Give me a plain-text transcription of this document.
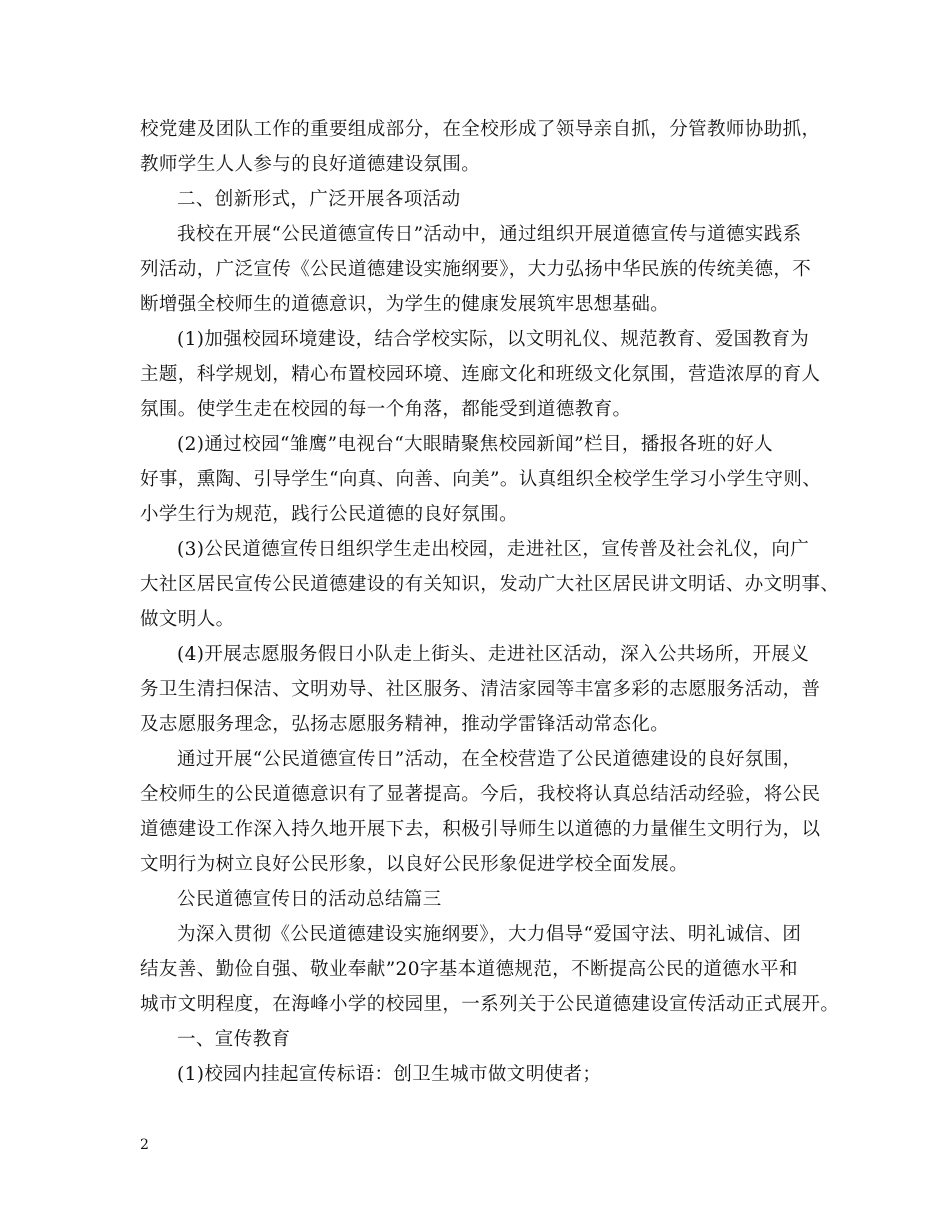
校党建及团队工作的重要组成部分，在全校形成了领导亲自抓，分管教师协助抓，
教师学生人人参与的良好道德建设氛围。
二、创新形式，广泛开展各项活动
我校在开展“公民道德宣传日”活动中，通过组织开展道德宣传与道德实践系
列活动，广泛宣传《公民道德建设实施纲要》，大力弘扬中华民族的传统美德，不
断增强全校师生的道德意识，为学生的健康发展筑牢思想基础。
(1)加强校园环境建设，结合学校实际，以文明礼仪、规范教育、爱国教育为
主题，科学规划，精心布置校园环境、连廊文化和班级文化氛围，营造浓厚的育人
氛围。使学生走在校园的每一个角落，都能受到道德教育。
(2)通过校园“雏鹰”电视台“大眼睛聚焦校园新闻”栏目，播报各班的好人
好事，熏陶、引导学生“向真、向善、向美”。认真组织全校学生学习小学生守则、
小学生行为规范，践行公民道德的良好氛围。
(3)公民道德宣传日组织学生走出校园，走进社区，宣传普及社会礼仪，向广
大社区居民宣传公民道德建设的有关知识，发动广大社区居民讲文明话、办文明事、
做文明人。
(4)开展志愿服务假日小队走上街头、走进社区活动，深入公共场所，开展义
务卫生清扫保洁、文明劝导、社区服务、清洁家园等丰富多彩的志愿服务活动，普
及志愿服务理念，弘扬志愿服务精神，推动学雷锋活动常态化。
通过开展“公民道德宣传日”活动，在全校营造了公民道德建设的良好氛围，
全校师生的公民道德意识有了显著提高。今后，我校将认真总结活动经验，将公民
道德建设工作深入持久地开展下去，积极引导师生以道德的力量催生文明行为，以
文明行为树立良好公民形象，以良好公民形象促进学校全面发展。
公民道德宣传日的活动总结篇三
为深入贯彻《公民道德建设实施纲要》，大力倡导“爱国守法、明礼诚信、团
结友善、勤俭自强、敬业奉献”20字基本道德规范，不断提高公民的道德水平和
城市文明程度，在海峰小学的校园里，一系列关于公民道德建设宣传活动正式展开。
一、宣传教育
(1)校园内挂起宣传标语：创卫生城市做文明使者；
2
